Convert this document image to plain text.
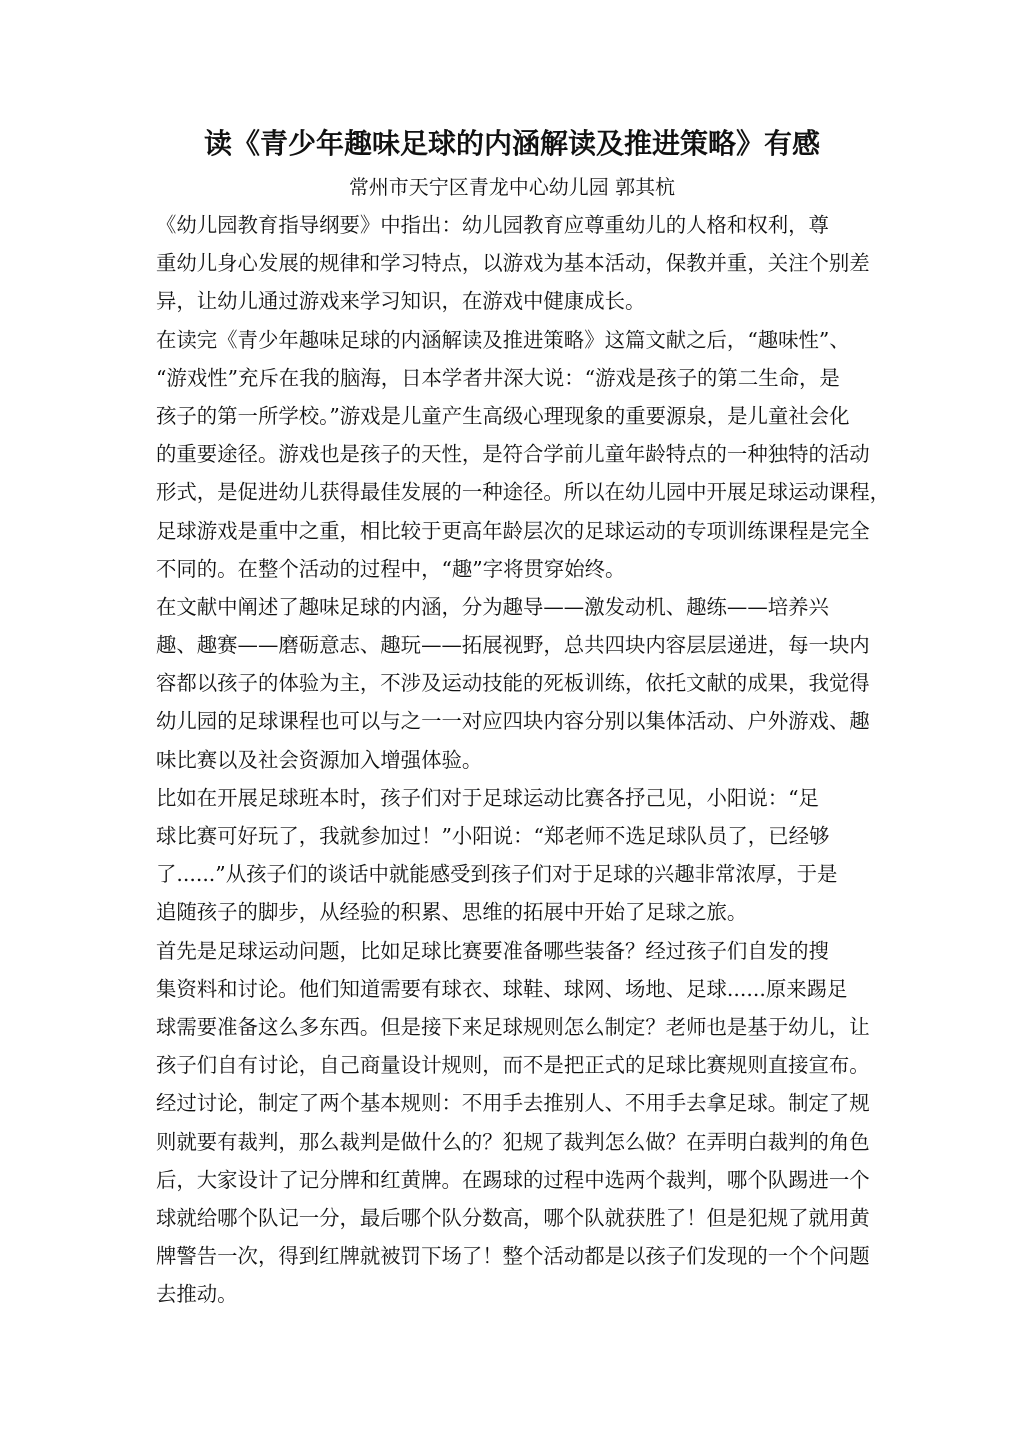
读《青少年趣味足球的内涵解读及推进策略》有感
常州市天宁区青龙中心幼儿园 郭其杭
《幼儿园教育指导纲要》中指出：幼儿园教育应尊重幼儿的人格和权利，尊
重幼儿身心发展的规律和学习特点，以游戏为基本活动，保教并重，关注个别差
异，让幼儿通过游戏来学习知识，在游戏中健康成长。
在读完《青少年趣味足球的内涵解读及推进策略》这篇文献之后，“趣味性”、
“游戏性”充斥在我的脑海，日本学者井深大说：“游戏是孩子的第二生命，是
孩子的第一所学校。”游戏是儿童产生高级心理现象的重要源泉，是儿童社会化
的重要途径。游戏也是孩子的天性，是符合学前儿童年龄特点的一种独特的活动
形式，是促进幼儿获得最佳发展的一种途径。所以在幼儿园中开展足球运动课程，
足球游戏是重中之重，相比较于更高年龄层次的足球运动的专项训练课程是完全
不同的。在整个活动的过程中，“趣”字将贯穿始终。
在文献中阐述了趣味足球的内涵，分为趣导——激发动机、趣练——培养兴
趣、趣赛——磨砺意志、趣玩——拓展视野，总共四块内容层层递进，每一块内
容都以孩子的体验为主，不涉及运动技能的死板训练，依托文献的成果，我觉得
幼儿园的足球课程也可以与之一一对应四块内容分别以集体活动、户外游戏、趣
味比赛以及社会资源加入增强体验。
比如在开展足球班本时，孩子们对于足球运动比赛各抒己见，小阳说：“足
球比赛可好玩了，我就参加过！”小阳说：“郑老师不选足球队员了，已经够
了......”从孩子们的谈话中就能感受到孩子们对于足球的兴趣非常浓厚，于是
追随孩子的脚步，从经验的积累、思维的拓展中开始了足球之旅。
首先是足球运动问题，比如足球比赛要准备哪些装备？经过孩子们自发的搜
集资料和讨论。他们知道需要有球衣、球鞋、球网、场地、足球......原来踢足
球需要准备这么多东西。但是接下来足球规则怎么制定？老师也是基于幼儿，让
孩子们自有讨论，自己商量设计规则，而不是把正式的足球比赛规则直接宣布。
经过讨论，制定了两个基本规则：不用手去推别人、不用手去拿足球。制定了规
则就要有裁判，那么裁判是做什么的？犯规了裁判怎么做？在弄明白裁判的角色
后，大家设计了记分牌和红黄牌。在踢球的过程中选两个裁判，哪个队踢进一个
球就给哪个队记一分，最后哪个队分数高，哪个队就获胜了！但是犯规了就用黄
牌警告一次，得到红牌就被罚下场了！整个活动都是以孩子们发现的一个个问题
去推动。
